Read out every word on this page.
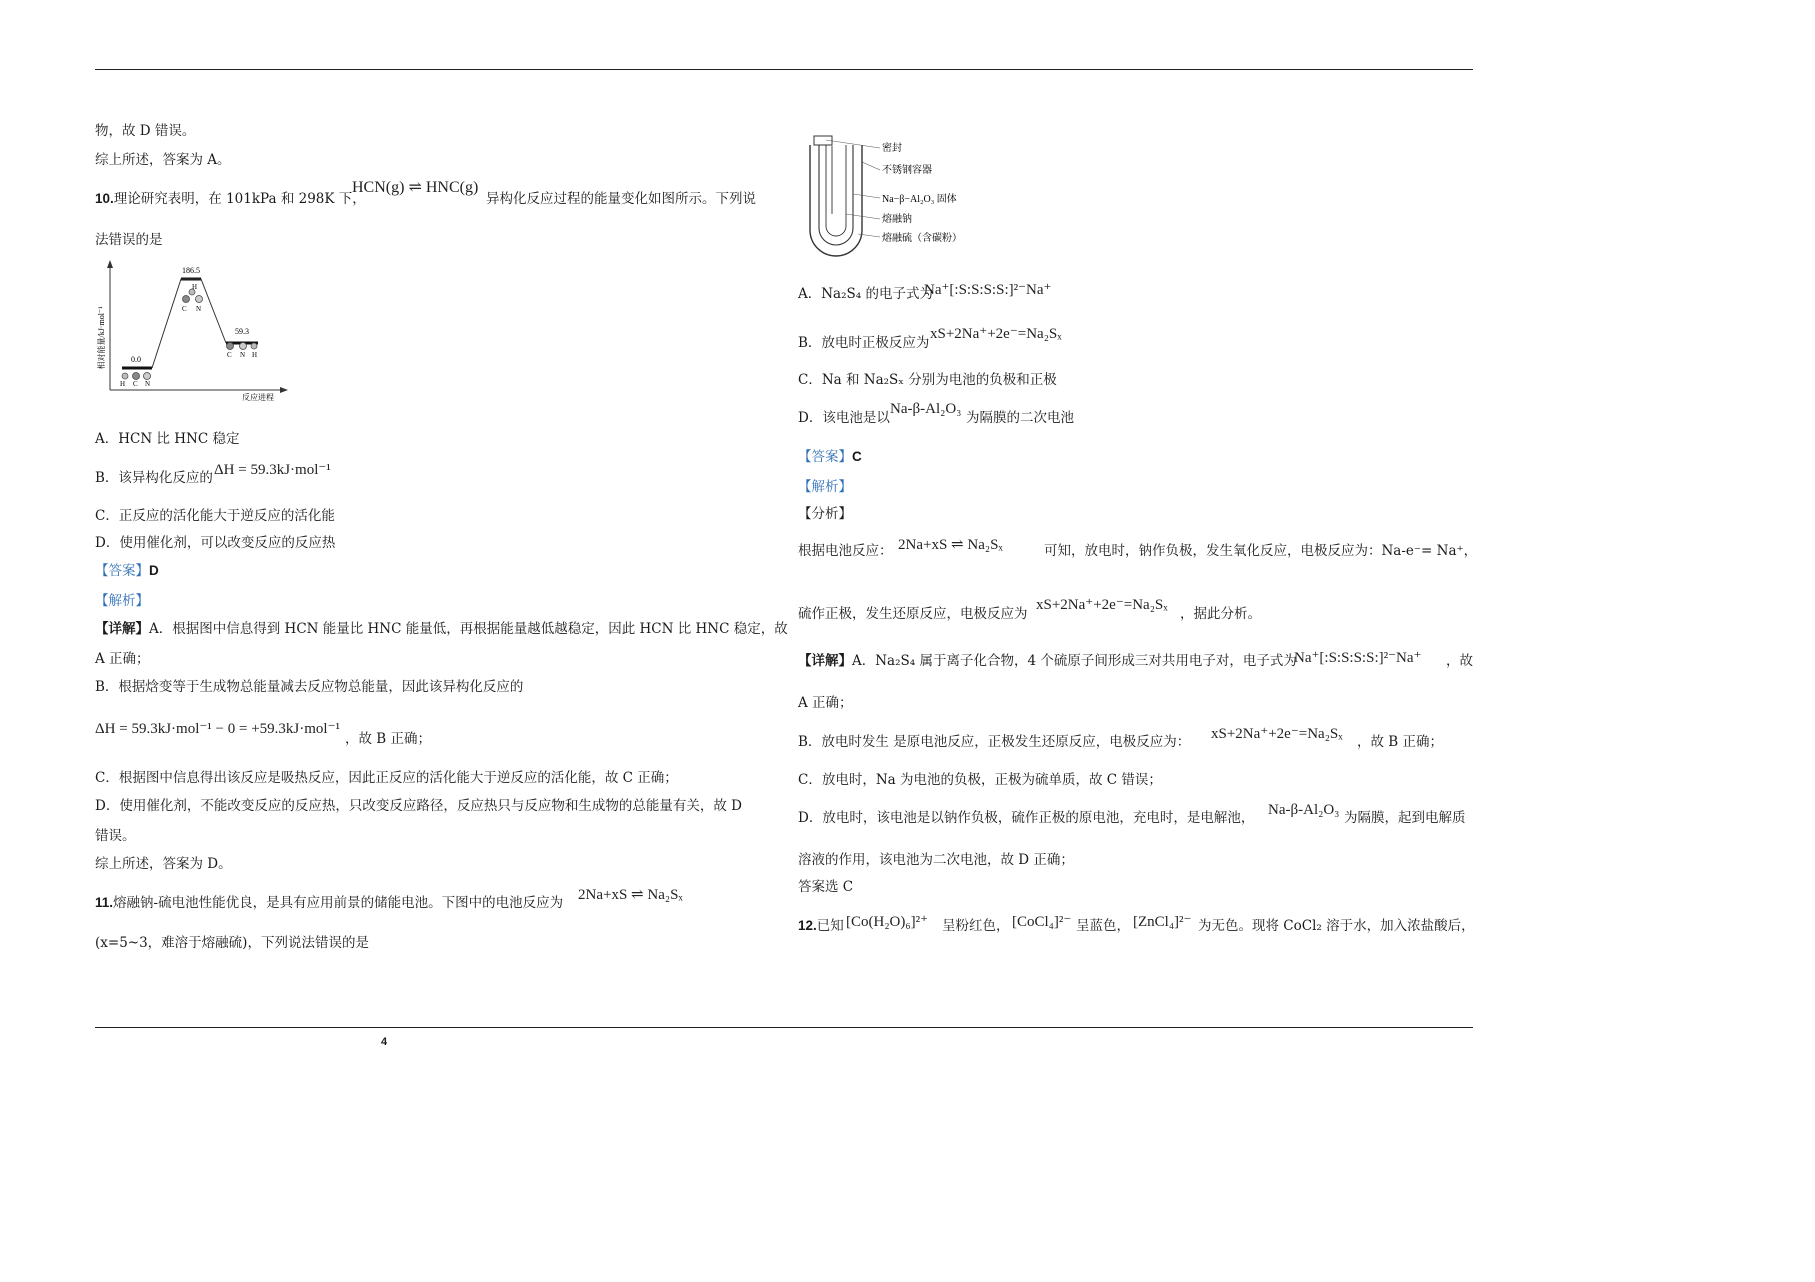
物，故 D 错误。
综上所述，答案为 A。
10.理论研究表明，在 101kPa 和 298K 下，
HCN(g) ⇌ HNC(g)
异构化反应过程的能量变化如图所示。下列说
法错误的是
相对能量/kJ·mol⁻¹
反应进程
0.0
186.5
59.3
H C N
C
H
N
C N H
A．HCN 比 HNC 稳定
B．该异构化反应的 ΔH = 59.3kJ·mol⁻¹
C．正反应的活化能大于逆反应的活化能
D．使用催化剂，可以改变反应的反应热
【答案】D
【解析】
【详解】A．根据图中信息得到 HCN 能量比 HNC 能量低，再根据能量越低越稳定，因此 HCN 比 HNC 稳定，故
A 正确；
B．根据焓变等于生成物总能量减去反应物总能量，因此该异构化反应的
ΔH = 59.3kJ·mol⁻¹ − 0 = +59.3kJ·mol⁻¹
，故 B 正确；
C．根据图中信息得出该反应是吸热反应，因此正反应的活化能大于逆反应的活化能，故 C 正确；
D．使用催化剂，不能改变反应的反应热，只改变反应路径，反应热只与反应物和生成物的总能量有关，故 D
错误。
综上所述，答案为 D。
11.熔融钠-硫电池性能优良，是具有应用前景的储能电池。下图中的电池反应为 2Na+xS ⇌ Na₂Sₓ
(x=5~3，难溶于熔融硫)，下列说法错误的是
密封
不锈钢容器
Na−β−Al₂O₃ 固体
熔融钠
熔融硫（含碳粉）
A．Na₂S₄ 的电子式为
Na⁺[:S:S:S:S:]²⁻Na⁺
B．放电时正极反应为
xS+2Na⁺+2e⁻=Na₂Sₓ
C．Na 和 Na₂Sₓ 分别为电池的负极和正极
D．该电池是以
Na-β-Al₂O₃
为隔膜的二次电池
【答案】C
【解析】
【分析】
根据电池反应： 2Na+xS ⇌ Na₂Sₓ	可知，放电时，钠作负极，发生氧化反应，电极反应为：Na-e⁻= Na⁺，
硫作正极，发生还原反应，电极反应为
xS+2Na⁺+2e⁻=Na₂Sₓ
，据此分析。
【详解】A．Na₂S₄ 属于离子化合物，4 个硫原子间形成三对共用电子对，电子式为
Na⁺[:S:S:S:S:]²⁻Na⁺ ，故
A 正确；
B．放电时发生 是原电池反应，正极发生还原反应，电极反应为： xS+2Na⁺+2e⁻=Na₂Sₓ ，故 B 正确；
C．放电时，Na 为电池的负极，正极为硫单质，故 C 错误；
D．放电时，该电池是以钠作负极，硫作正极的原电池，充电时，是电解池， Na-β-Al₂O₃ 为隔膜，起到电解质
溶液的作用，该电池为二次电池，故 D 正确；
答案选 C
12.已知 [Co(H₂O)₆]²⁺ 呈粉红色， [CoCl₄]²⁻ 呈蓝色， [ZnCl₄]²⁻ 为无色。现将 CoCl₂ 溶于水，加入浓盐酸后，
4
